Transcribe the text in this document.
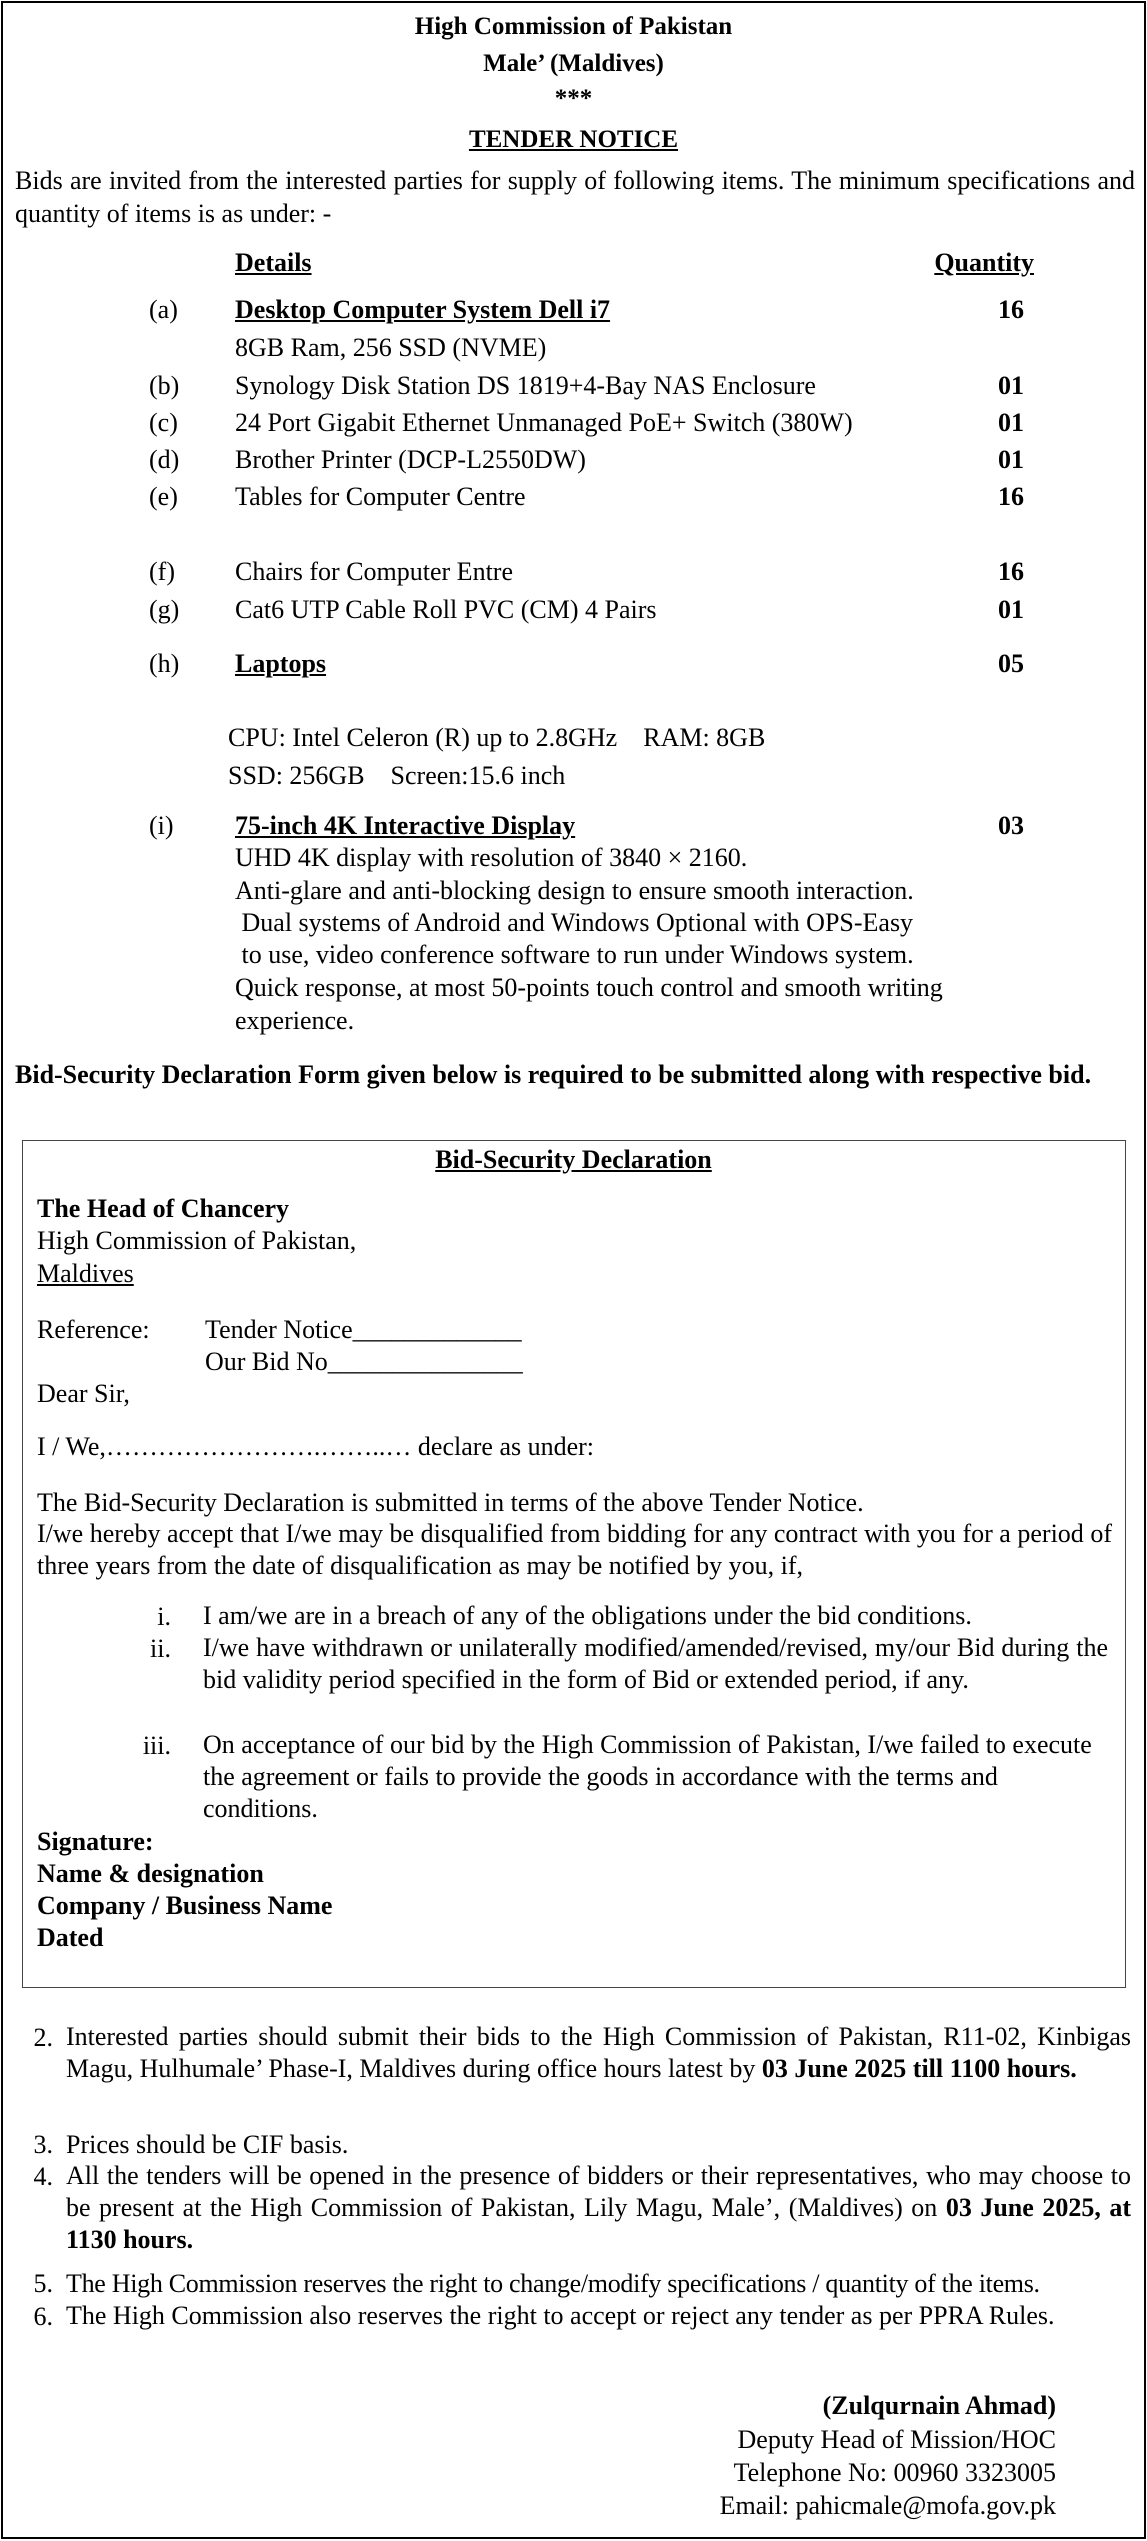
High Commission of Pakistan
Male’ (Maldives)
***
TENDER NOTICE
Bids are invited from the interested parties for supply of following items. The minimum specifications and quantity of items is as under: -
Details	Quantity
(a) Desktop Computer System Dell i7	16
8GB Ram, 256 SSD (NVME)
(b) Synology Disk Station DS 1819+4-Bay NAS Enclosure	01
(c) 24 Port Gigabit Ethernet Unmanaged PoE+ Switch (380W)	01
(d) Brother Printer (DCP-L2550DW)	01
(e) Tables for Computer Centre	16
(f) Chairs for Computer Entre	16
(g) Cat6 UTP Cable Roll PVC (CM) 4 Pairs	01
(h) Laptops	05
CPU: Intel Celeron (R) up to 2.8GHz    RAM: 8GB
SSD: 256GB    Screen:15.6 inch
(i) 75-inch 4K Interactive Display	03
UHD 4K display with resolution of 3840 × 2160.
Anti-glare and anti-blocking design to ensure smooth interaction.
Dual systems of Android and Windows Optional with OPS-Easy
to use, video conference software to run under Windows system.
Quick response, at most 50-points touch control and smooth writing
experience.
Bid-Security Declaration Form given below is required to be submitted along with respective bid.
Bid-Security Declaration
The Head of Chancery
High Commission of Pakistan,
Maldives
Reference: Tender Notice_____________
Our Bid No_______________
Dear Sir,
I / We,…………………….……..… declare as under:
The Bid-Security Declaration is submitted in terms of the above Tender Notice.
I/we hereby accept that I/we may be disqualified from bidding for any contract with you for a period of three years from the date of disqualification as may be notified by you, if,
i. I am/we are in a breach of any of the obligations under the bid conditions.
ii. I/we have withdrawn or unilaterally modified/amended/revised, my/our Bid during the bid validity period specified in the form of Bid or extended period, if any.
iii. On acceptance of our bid by the High Commission of Pakistan, I/we failed to execute the agreement or fails to provide the goods in accordance with the terms and conditions.
Signature:
Name & designation
Company / Business Name
Dated
2. Interested parties should submit their bids to the High Commission of Pakistan, R11-02, Kinbigas Magu, Hulhumale’ Phase-I, Maldives during office hours latest by 03 June 2025 till 1100 hours.
3. Prices should be CIF basis.
4. All the tenders will be opened in the presence of bidders or their representatives, who may choose to be present at the High Commission of Pakistan, Lily Magu, Male’, (Maldives) on 03 June 2025, at 1130 hours.
5. The High Commission reserves the right to change/modify specifications / quantity of the items.
6. The High Commission also reserves the right to accept or reject any tender as per PPRA Rules.
(Zulqurnain Ahmad)
Deputy Head of Mission/HOC
Telephone No: 00960 3323005
Email: pahicmale@mofa.gov.pk
